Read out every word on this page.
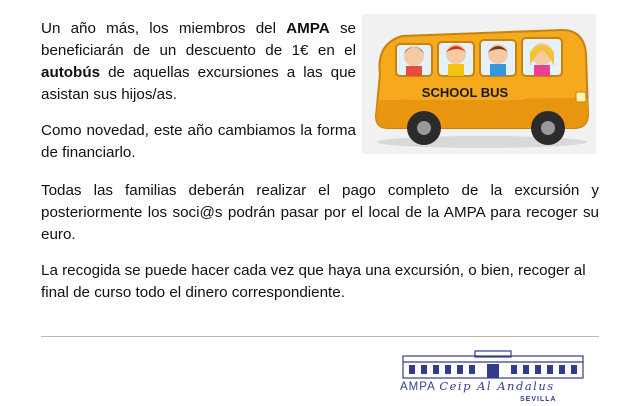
Un año más, los miembros del AMPA se beneficiarán de un descuento de 1€ en el autobús de aquellas excursiones a las que asistan sus hijos/as.

Como novedad, este año cambiamos la forma de financiarlo.

Todas las familias deberán realizar el pago completo de la excursión y posteriormente los soci@s podrán pasar por el local de la AMPA para recoger su euro.

La recogida se puede hacer cada vez que haya una excursión, o bien, recoger al final de curso todo el dinero correspondiente.

SCHOOL BUS
AMPA Ceip Al Andalus
SEVILLA
